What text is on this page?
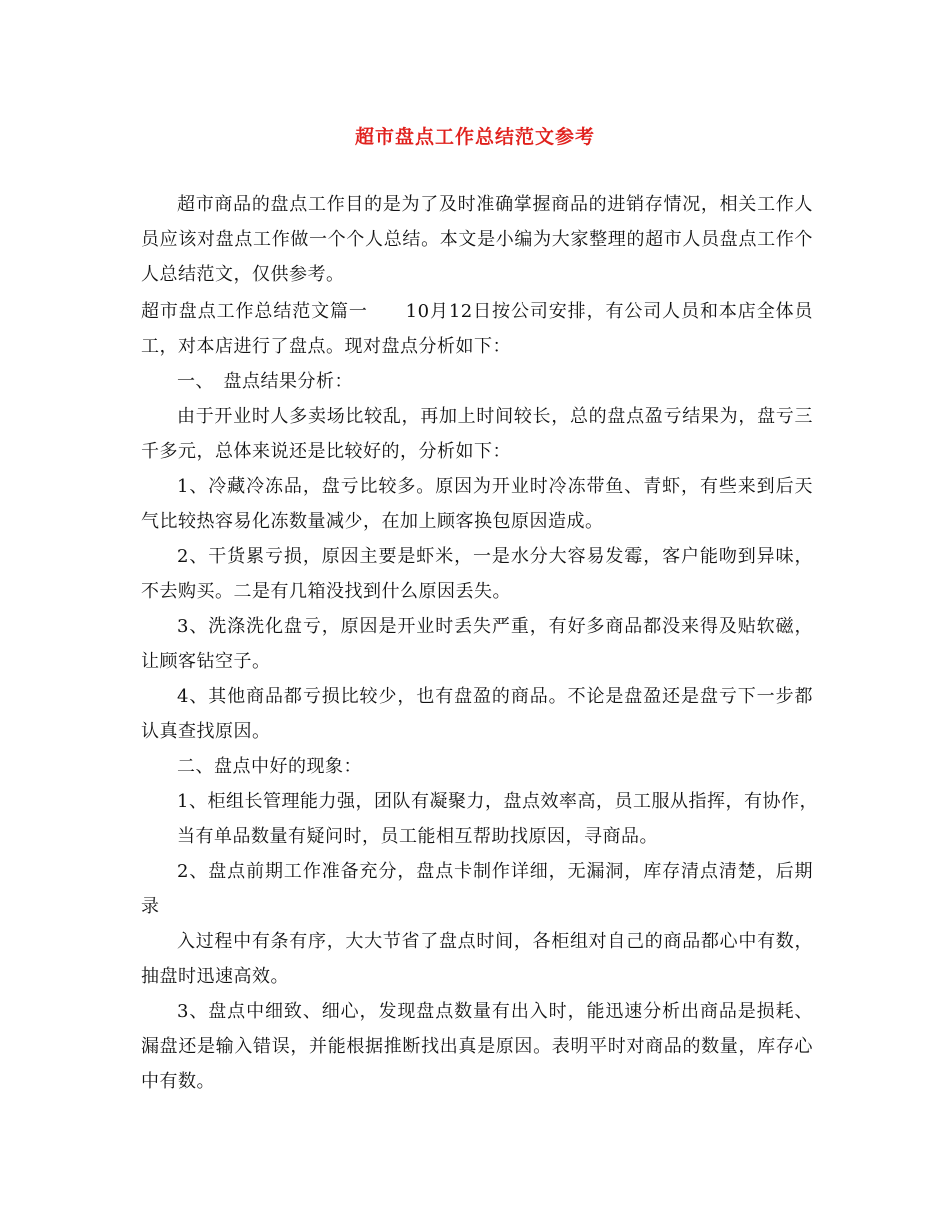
超市盘点工作总结范文参考

超市商品的盘点工作目的是为了及时准确掌握商品的进销存情况，相关工作人员应该对盘点工作做一个个人总结。本文是小编为大家整理的超市人员盘点工作个人总结范文，仅供参考。

超市盘点工作总结范文篇一　　10月12日按公司安排，有公司人员和本店全体员工，对本店进行了盘点。现对盘点分析如下：

一、　盘点结果分析：

由于开业时人多卖场比较乱，再加上时间较长，总的盘点盈亏结果为，盘亏三千多元，总体来说还是比较好的，分析如下：

1、冷藏冷冻品，盘亏比较多。原因为开业时冷冻带鱼、青虾，有些来到后天气比较热容易化冻数量减少，在加上顾客换包原因造成。

2、干货累亏损，原因主要是虾米，一是水分大容易发霉，客户能吻到异味，不去购买。二是有几箱没找到什么原因丢失。

3、洗涤洗化盘亏，原因是开业时丢失严重，有好多商品都没来得及贴软磁，让顾客钻空子。

4、其他商品都亏损比较少，也有盘盈的商品。不论是盘盈还是盘亏下一步都认真查找原因。

二、盘点中好的现象：

1、柜组长管理能力强，团队有凝聚力，盘点效率高，员工服从指挥，有协作，

当有单品数量有疑问时，员工能相互帮助找原因，寻商品。

2、盘点前期工作准备充分，盘点卡制作详细，无漏洞，库存清点清楚，后期录

入过程中有条有序，大大节省了盘点时间，各柜组对自己的商品都心中有数，抽盘时迅速高效。

3、盘点中细致、细心，发现盘点数量有出入时，能迅速分析出商品是损耗、漏盘还是输入错误，并能根据推断找出真是原因。表明平时对商品的数量，库存心中有数。
